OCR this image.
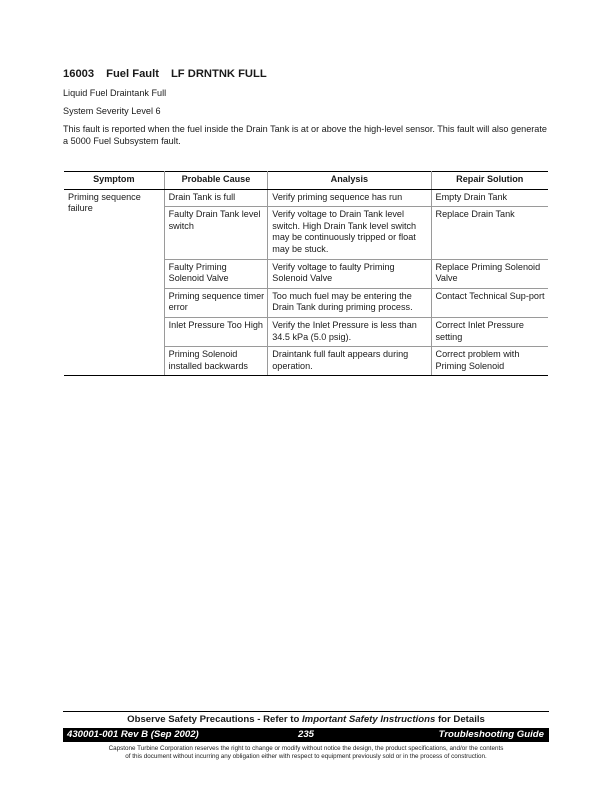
16003 Fuel Fault LF DRNTNK FULL
Liquid Fuel Draintank Full
System Severity Level 6
This fault is reported when the fuel inside the Drain Tank is at or above the high-level sensor. This fault will also generate a 5000 Fuel Subsystem fault.
Symptom	Probable Cause	Analysis	Repair Solution
Priming sequence failure	Drain Tank is full	Verify priming sequence has run	Empty Drain Tank
	Faulty Drain Tank level switch	Verify voltage to Drain Tank level switch. High Drain Tank level switch may be continuously tripped or float may be stuck.	Replace Drain Tank
	Faulty Priming Solenoid Valve	Verify voltage to faulty Priming Solenoid Valve	Replace Priming Solenoid Valve
	Priming sequence timer error	Too much fuel may be entering the Drain Tank during priming process.	Contact Technical Sup-port
	Inlet Pressure Too High	Verify the Inlet Pressure is less than 34.5 kPa (5.0 psig).	Correct Inlet Pressure setting
	Priming Solenoid installed backwards	Draintank full fault appears during operation.	Correct problem with Priming Solenoid
Observe Safety Precautions - Refer to Important Safety Instructions for Details
235
430001-001 Rev B (Sep 2002)	Troubleshooting Guide
Capstone Turbine Corporation reserves the right to change or modify without notice the design, the product specifications, and/or the contents
of this document without incurring any obligation either with respect to equipment previously sold or in the process of construction.
